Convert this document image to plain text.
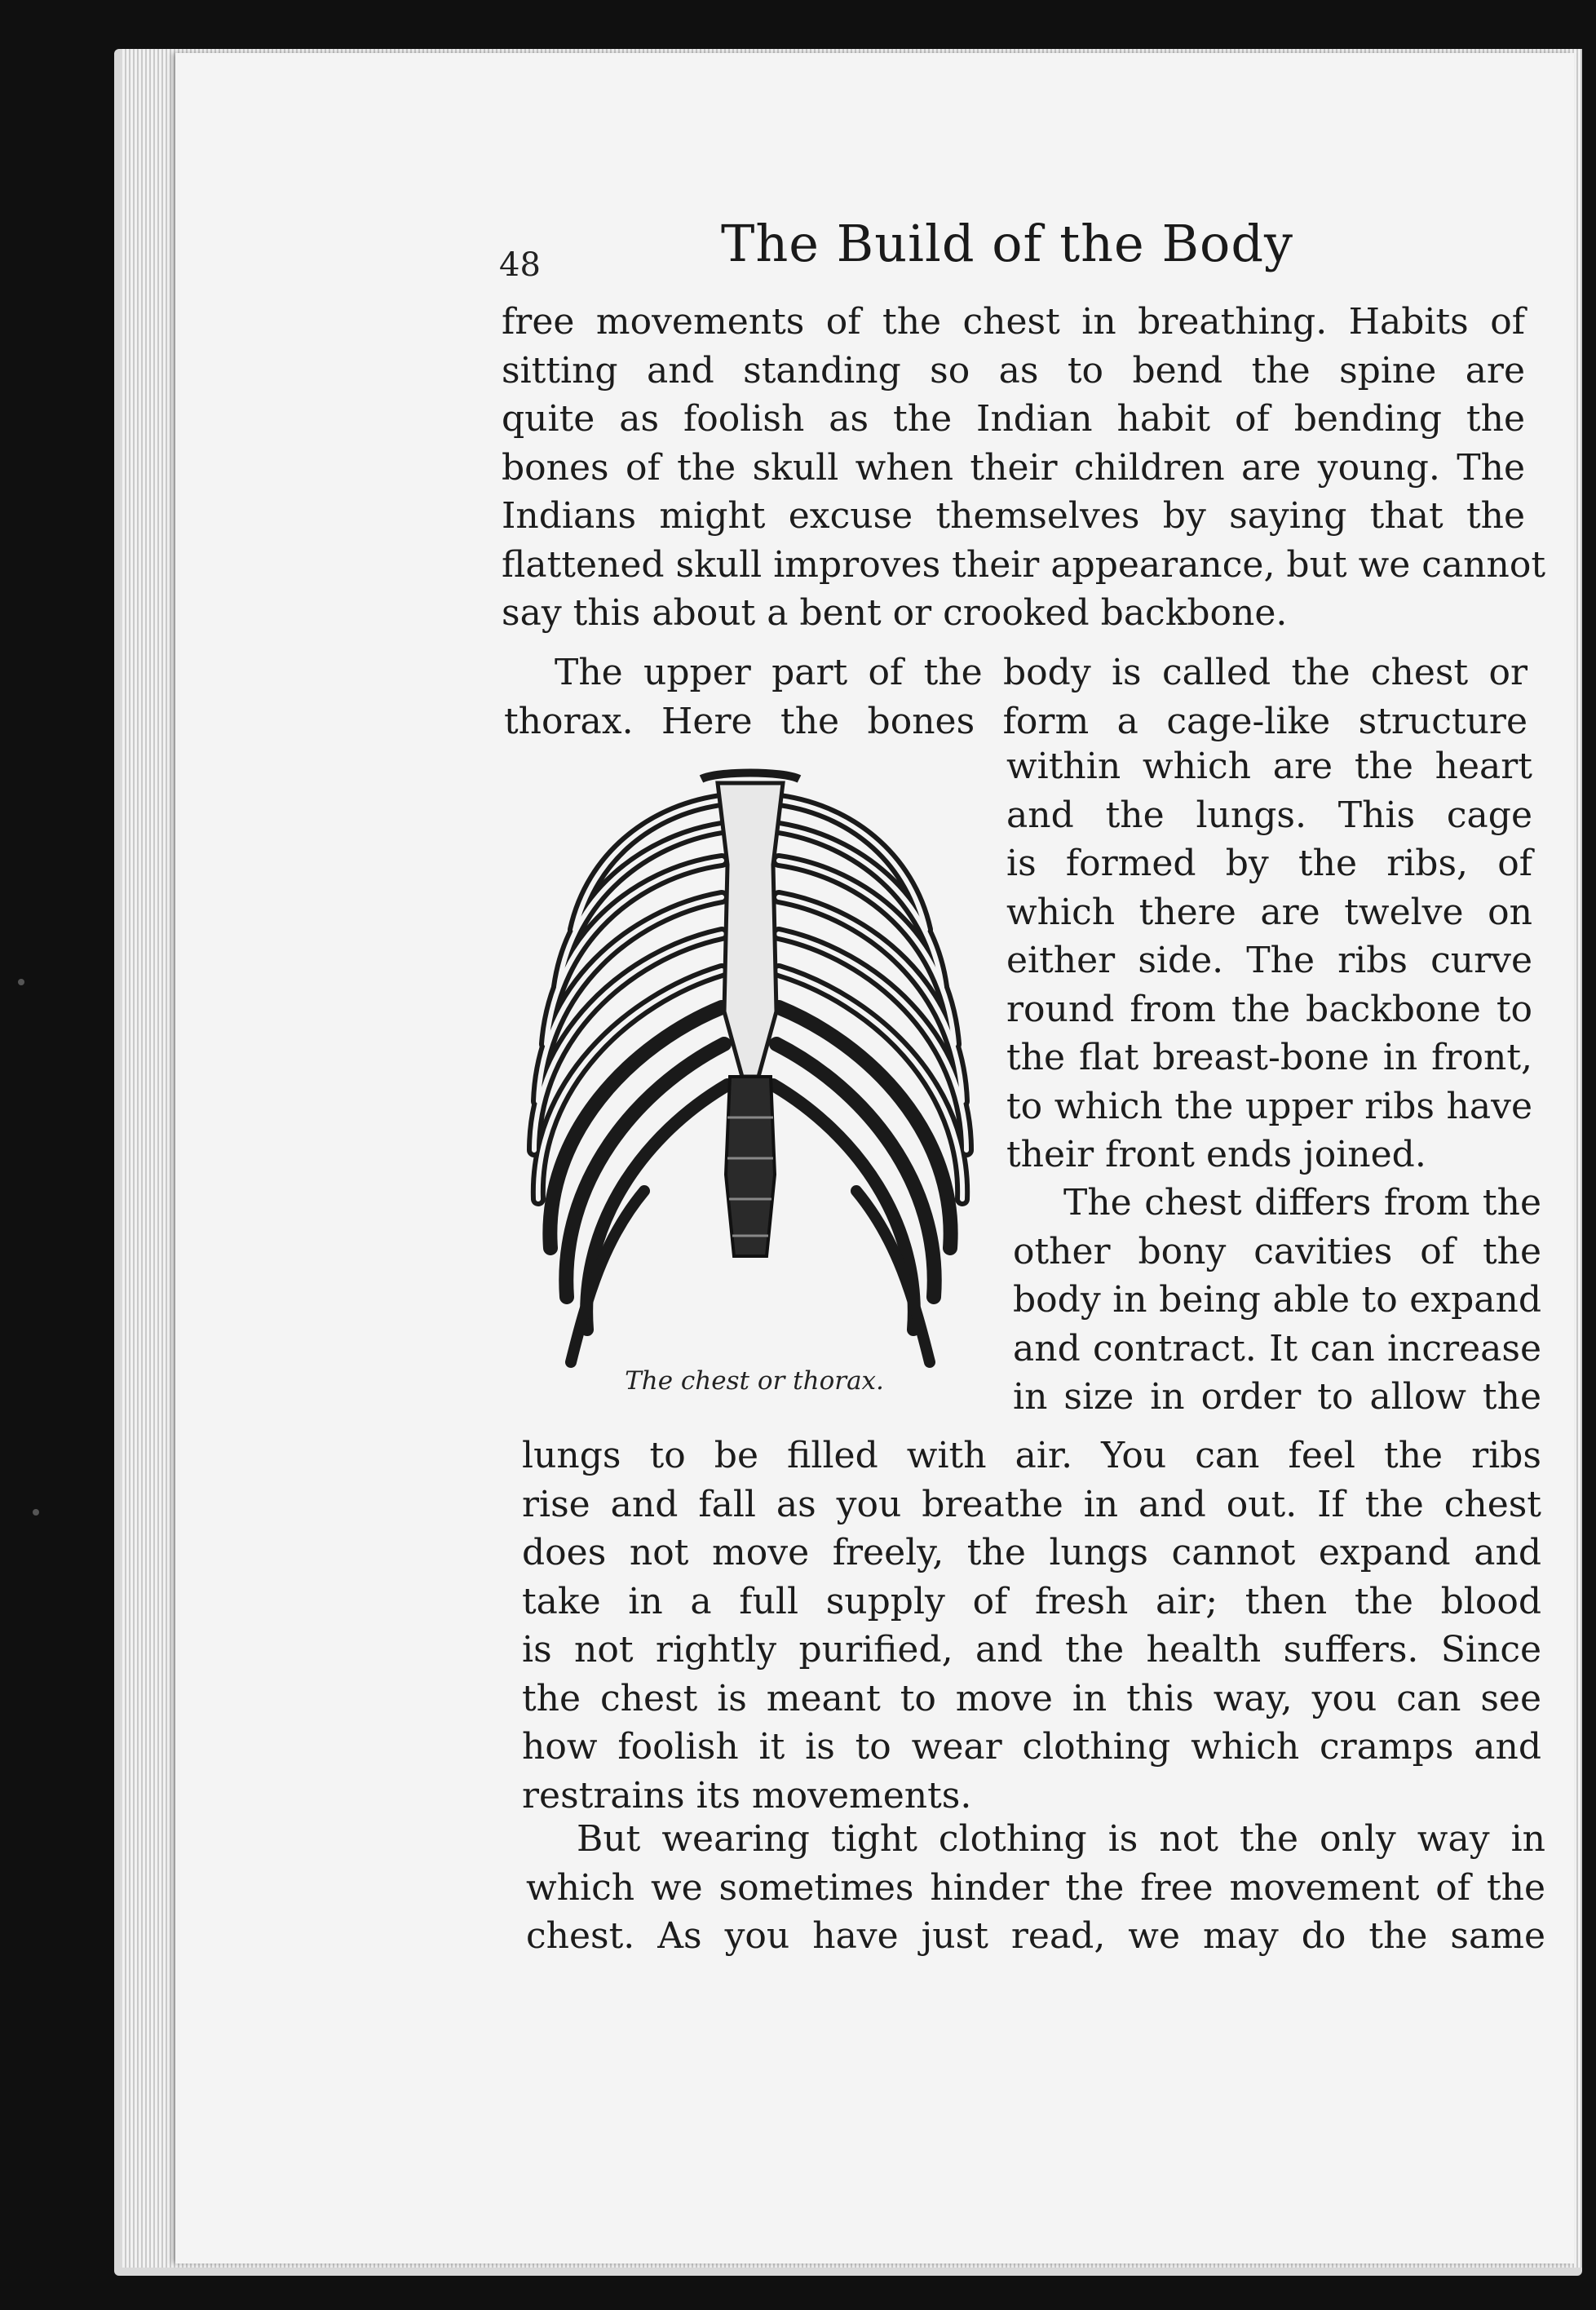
48	The Build of the Body
free movements of the chest in breathing. Habits of
sitting and standing so as to bend the spine are
quite as foolish as the Indian habit of bending the
bones of the skull when their children are young. The
Indians might excuse themselves by saying that the
flattened skull improves their appearance, but we cannot
say this about a bent or crooked backbone.
The upper part of the body is called the chest or
thorax. Here the bones form a cage-like structure
within which are the heart
and the lungs. This cage
is formed by the ribs, of
which there are twelve on
either side. The ribs curve
round from the backbone to
the flat breast-bone in front,
to which the upper ribs have
their front ends joined.
The chest differs from the
other bony cavities of the
body in being able to expand
and contract. It can increase
in size in order to allow the
lungs to be filled with air. You can feel the ribs
rise and fall as you breathe in and out. If the chest
does not move freely, the lungs cannot expand and
take in a full supply of fresh air; then the blood
is not rightly purified, and the health suffers. Since
the chest is meant to move in this way, you can see
how foolish it is to wear clothing which cramps and
restrains its movements.
But wearing tight clothing is not the only way in
which we sometimes hinder the free movement of the
chest. As you have just read, we may do the same
The chest or thorax.
